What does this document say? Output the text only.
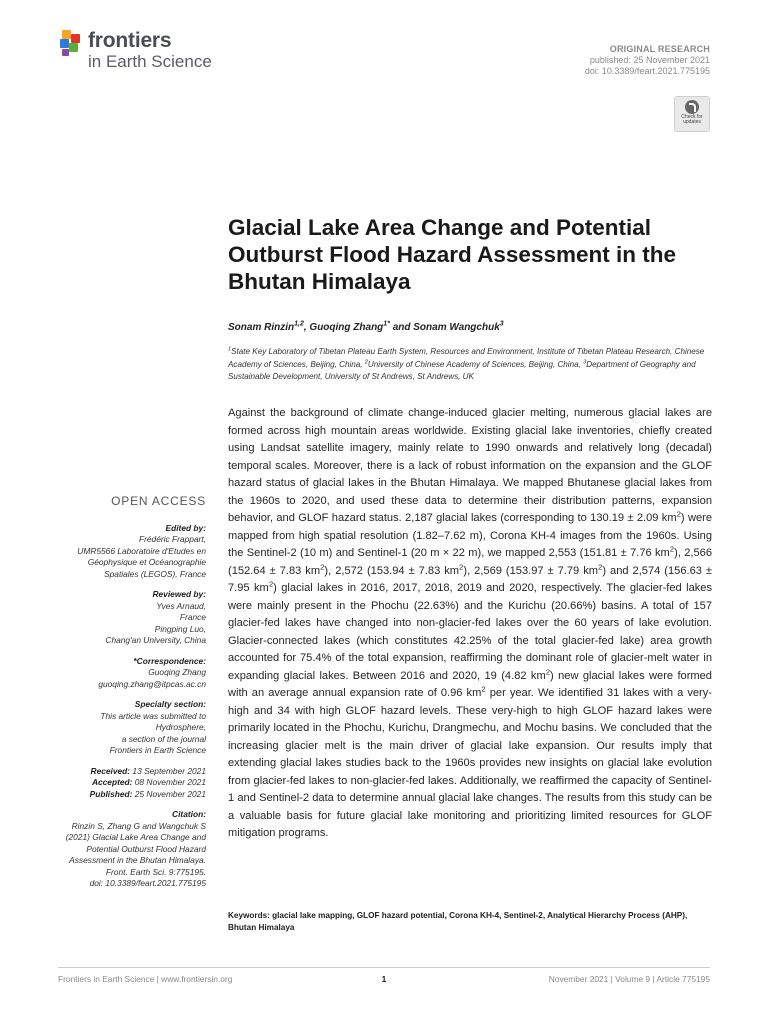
frontiers
in Earth Science
ORIGINAL RESEARCH
published: 25 November 2021
doi: 10.3389/feart.2021.775195
Check for updates
Glacial Lake Area Change and Potential Outburst Flood Hazard Assessment in the Bhutan Himalaya
Sonam Rinzin$^{1,2}$, Guoqing Zhang$^{1*}$ and Sonam Wangchuk$^3$
$^1$State Key Laboratory of Tibetan Plateau Earth System, Resources and Environment, Institute of Tibetan Plateau Research, Chinese Academy of Sciences, Beijing, China, $^2$University of Chinese Academy of Sciences, Beijing, China, $^3$Department of Geography and Sustainable Development, University of St Andrews, St Andrews, UK

Against the background of climate change-induced glacier melting, numerous glacial lakes are formed across high mountain areas worldwide. Existing glacial lake inventories, chiefly created using Landsat satellite imagery, mainly relate to 1990 onwards and relatively long (decadal) temporal scales. Moreover, there is a lack of robust information on the expansion and the GLOF hazard status of glacial lakes in the Bhutan Himalaya. We mapped Bhutanese glacial lakes from the 1960s to 2020, and used these data to determine their distribution patterns, expansion behavior, and GLOF hazard status. 2,187 glacial lakes (corresponding to 130.19 ± 2.09 $km^2$) were mapped from high spatial resolution (1.82–7.62 m), Corona KH-4 images from the 1960s. Using the Sentinel-2 (10 m) and Sentinel-1 (20 m × 22 m), we mapped 2,553 (151.81 ± 7.76 $km^2$), 2,566 (152.64 ± 7.83 $km^2$), 2,572 (153.94 ± 7.83 $km^2$), 2,569 (153.97 ± 7.79 $km^2$) and 2,574 (156.63 ± 7.95 $km^2$) glacial lakes in 2016, 2017, 2018, 2019 and 2020, respectively. The glacier-fed lakes were mainly present in the Phochu (22.63%) and the Kurichu (20.66%) basins. A total of 157 glacier-fed lakes have changed into non-glacier-fed lakes over the 60 years of lake evolution. Glacier-connected lakes (which constitutes 42.25% of the total glacier-fed lake) area growth accounted for 75.4% of the total expansion, reaffirming the dominant role of glacier-melt water in expanding glacial lakes. Between 2016 and 2020, 19 (4.82 $km^2$) new glacial lakes were formed with an average annual expansion rate of 0.96 $km^2$ per year. We identified 31 lakes with a very-high and 34 with high GLOF hazard levels. These very-high to high GLOF hazard lakes were primarily located in the Phochu, Kurichu, Drangmechu, and Mochu basins. We concluded that the increasing glacier melt is the main driver of glacial lake expansion. Our results imply that extending glacial lakes studies back to the 1960s provides new insights on glacial lake evolution from glacier-fed lakes to non-glacier-fed lakes. Additionally, we reaffirmed the capacity of Sentinel-1 and Sentinel-2 data to determine annual glacial lake changes. The results from this study can be a valuable basis for future glacial lake monitoring and prioritizing limited resources for GLOF mitigation programs.

Keywords: glacial lake mapping, GLOF hazard potential, Corona KH-4, Sentinel-2, Analytical Hierarchy Process (AHP), Bhutan Himalaya
OPEN ACCESS
Edited by:
Frédéric Frappart,
UMR5566 Laboratoire d'Etudes en
Géophysique et Océanographie
Spatiales (LEGOS), France
Reviewed by:
Yves Arnaud,
France
Pingping Luo,
Chang'an University, China
*Correspondence:
Guoqing Zhang
guoqing.zhang@itpcas.ac.cn
Specialty section:
This article was submitted to
Hydrosphere,
a section of the journal
Frontiers in Earth Science
Received: 13 September 2021
Accepted: 08 November 2021
Published: 25 November 2021
Citation:
Rinzin S, Zhang G and Wangchuk S
(2021) Glacial Lake Area Change and
Potential Outburst Flood Hazard
Assessment in the Bhutan Himalaya.
Front. Earth Sci. 9:775195.
doi: 10.3389/feart.2021.775195
Frontiers in Earth Science | www.frontiersin.org	1	November 2021 | Volume 9 | Article 775195
